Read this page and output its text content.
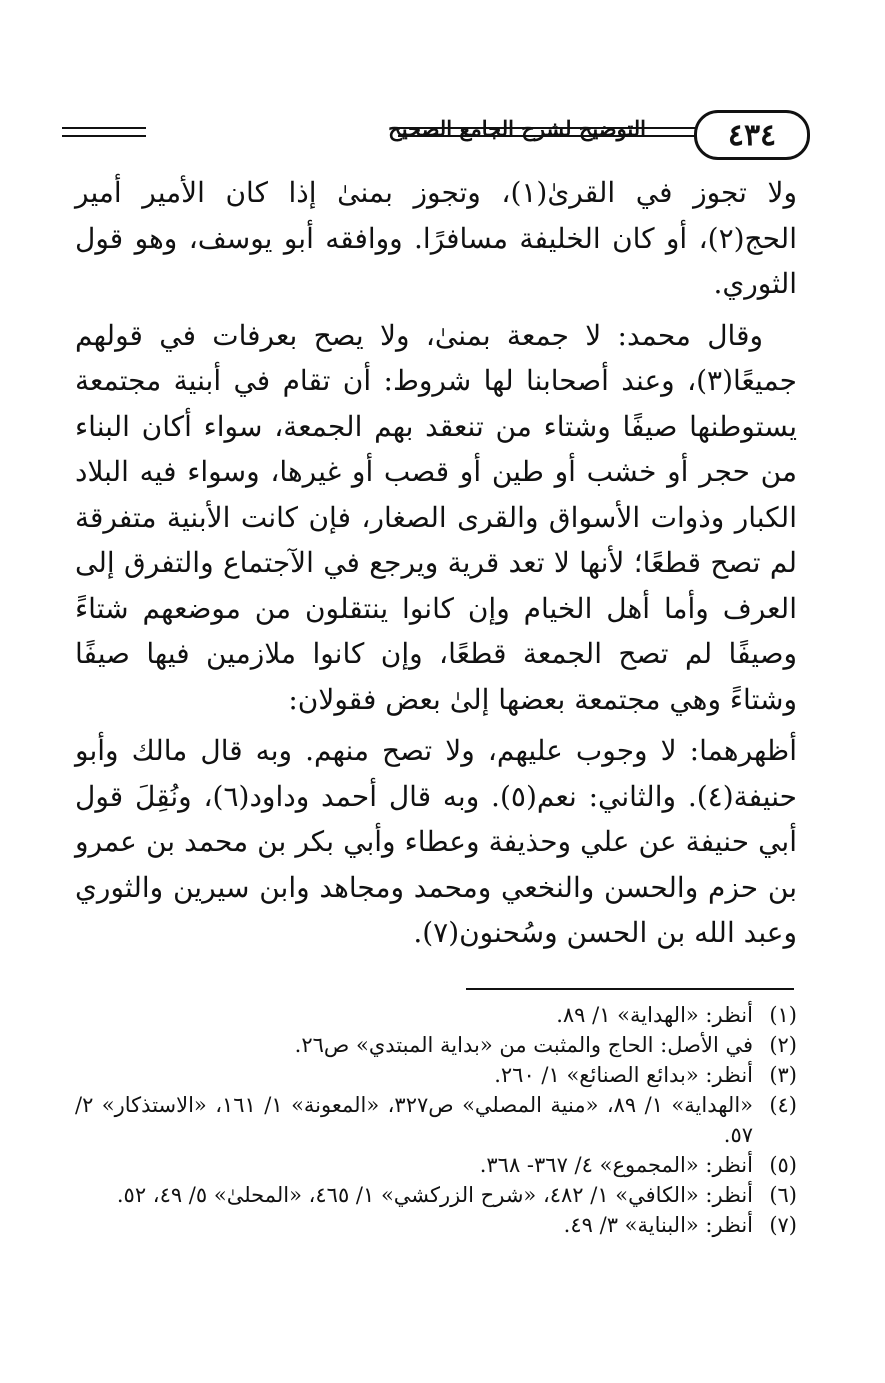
التوضيح لشرح الجامع الصحيح	٤٣٤

ولا تجوز في القرىٰ(١)، وتجوز بمنىٰ إذا كان الأمير أمير الحج(٢)، أو كان الخليفة مسافرًا. ووافقه أبو يوسف، وهو قول الثوري.

وقال محمد: لا جمعة بمنىٰ، ولا يصح بعرفات في قولهم جميعًا(٣)، وعند أصحابنا لها شروط: أن تقام في أبنية مجتمعة يستوطنها صيفًا وشتاء من تنعقد بهم الجمعة، سواء أكان البناء من حجر أو خشب أو طين أو قصب أو غيرها، وسواء فيه البلاد الكبار وذوات الأسواق والقرى الصغار، فإن كانت الأبنية متفرقة لم تصح قطعًا؛ لأنها لا تعد قرية ويرجع في الآجتماع والتفرق إلى العرف وأما أهل الخيام وإن كانوا ينتقلون من موضعهم شتاءً وصيفًا لم تصح الجمعة قطعًا، وإن كانوا ملازمين فيها صيفًا وشتاءً وهي مجتمعة بعضها إلىٰ بعض فقولان:

أظهرهما: لا وجوب عليهم، ولا تصح منهم. وبه قال مالك وأبو حنيفة(٤). والثاني: نعم(٥). وبه قال أحمد وداود(٦)، ونُقِلَ قول أبي حنيفة عن علي وحذيفة وعطاء وأبي بكر بن محمد بن عمرو بن حزم والحسن والنخعي ومحمد ومجاهد وابن سيرين والثوري وعبد الله بن الحسن وسُحنون(٧).

(١)
أنظر: «الهداية» ١/ ٨٩.
(٢)
في الأصل: الحاج والمثبت من «بداية المبتدي» ص٢٦.
(٣)
أنظر: «بدائع الصنائع» ١/ ٢٦٠.
(٤)
«الهداية» ١/ ٨٩، «منية المصلي» ص٣٢٧، «المعونة» ١/ ١٦١، «الاستذكار» ٢/ ٥٧.
(٥)
أنظر: «المجموع» ٤/ ٣٦٧- ٣٦٨.
(٦)
أنظر: «الكافي» ١/ ٤٨٢، «شرح الزركشي» ١/ ٤٦٥، «المحلىٰ» ٥/ ٤٩، ٥٢.
(٧)
أنظر: «البناية» ٣/ ٤٩.
